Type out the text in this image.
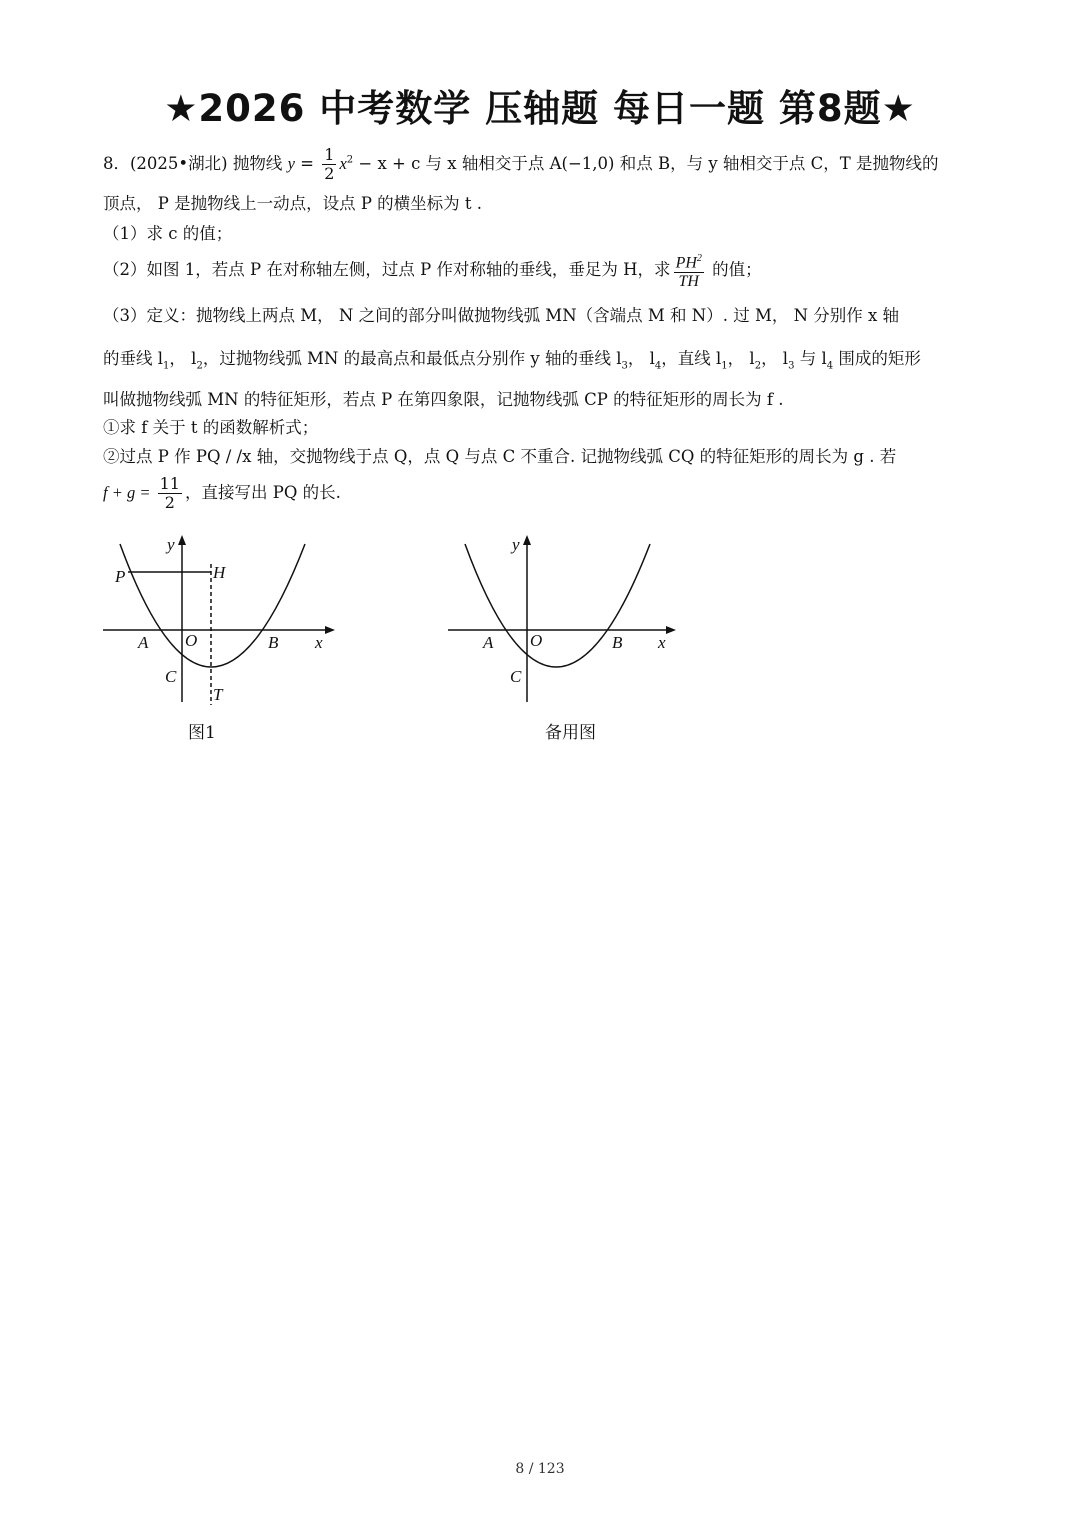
★2026 中考数学 压轴题 每日一题 第8题★
8．(2025•湖北) 抛物线 $y = \frac{1}{2} x^2 - x + c$ 与 x 轴相交于点 A(−1,0) 和点 B，与 y 轴相交于点 C，T 是抛物线的
顶点， P 是抛物线上一动点，设点 P 的横坐标为 t .
（1）求 c 的值；
（2）如图 1，若点 P 在对称轴左侧，过点 P 作对称轴的垂线，垂足为 H，求 $\frac{PH^2}{TH}$ 的值；
（3）定义：抛物线上两点 M， N 之间的部分叫做抛物线弧 MN（含端点 M 和 N）. 过 M， N 分别作 x 轴
的垂线 $l_1$， $l_2$，过抛物线弧 MN 的最高点和最低点分别作 y 轴的垂线 $l_3$， $l_4$，直线 $l_1$， $l_2$， $l_3$ 与 $l_4$ 围成的矩形
叫做抛物线弧 MN 的特征矩形，若点 P 在第四象限，记抛物线弧 CP 的特征矩形的周长为 f .
①求 f 关于 t 的函数解析式；
②过点 P 作 PQ / /x 轴，交抛物线于点 Q，点 Q 与点 C 不重合. 记抛物线弧 CQ 的特征矩形的周长为 g . 若
$f + g = \frac{11}{2}$ ，直接写出 PQ 的长.
y
x
P	H
A O	B
C
T
图1
y
x
A O	B
C
备用图
8 / 123
